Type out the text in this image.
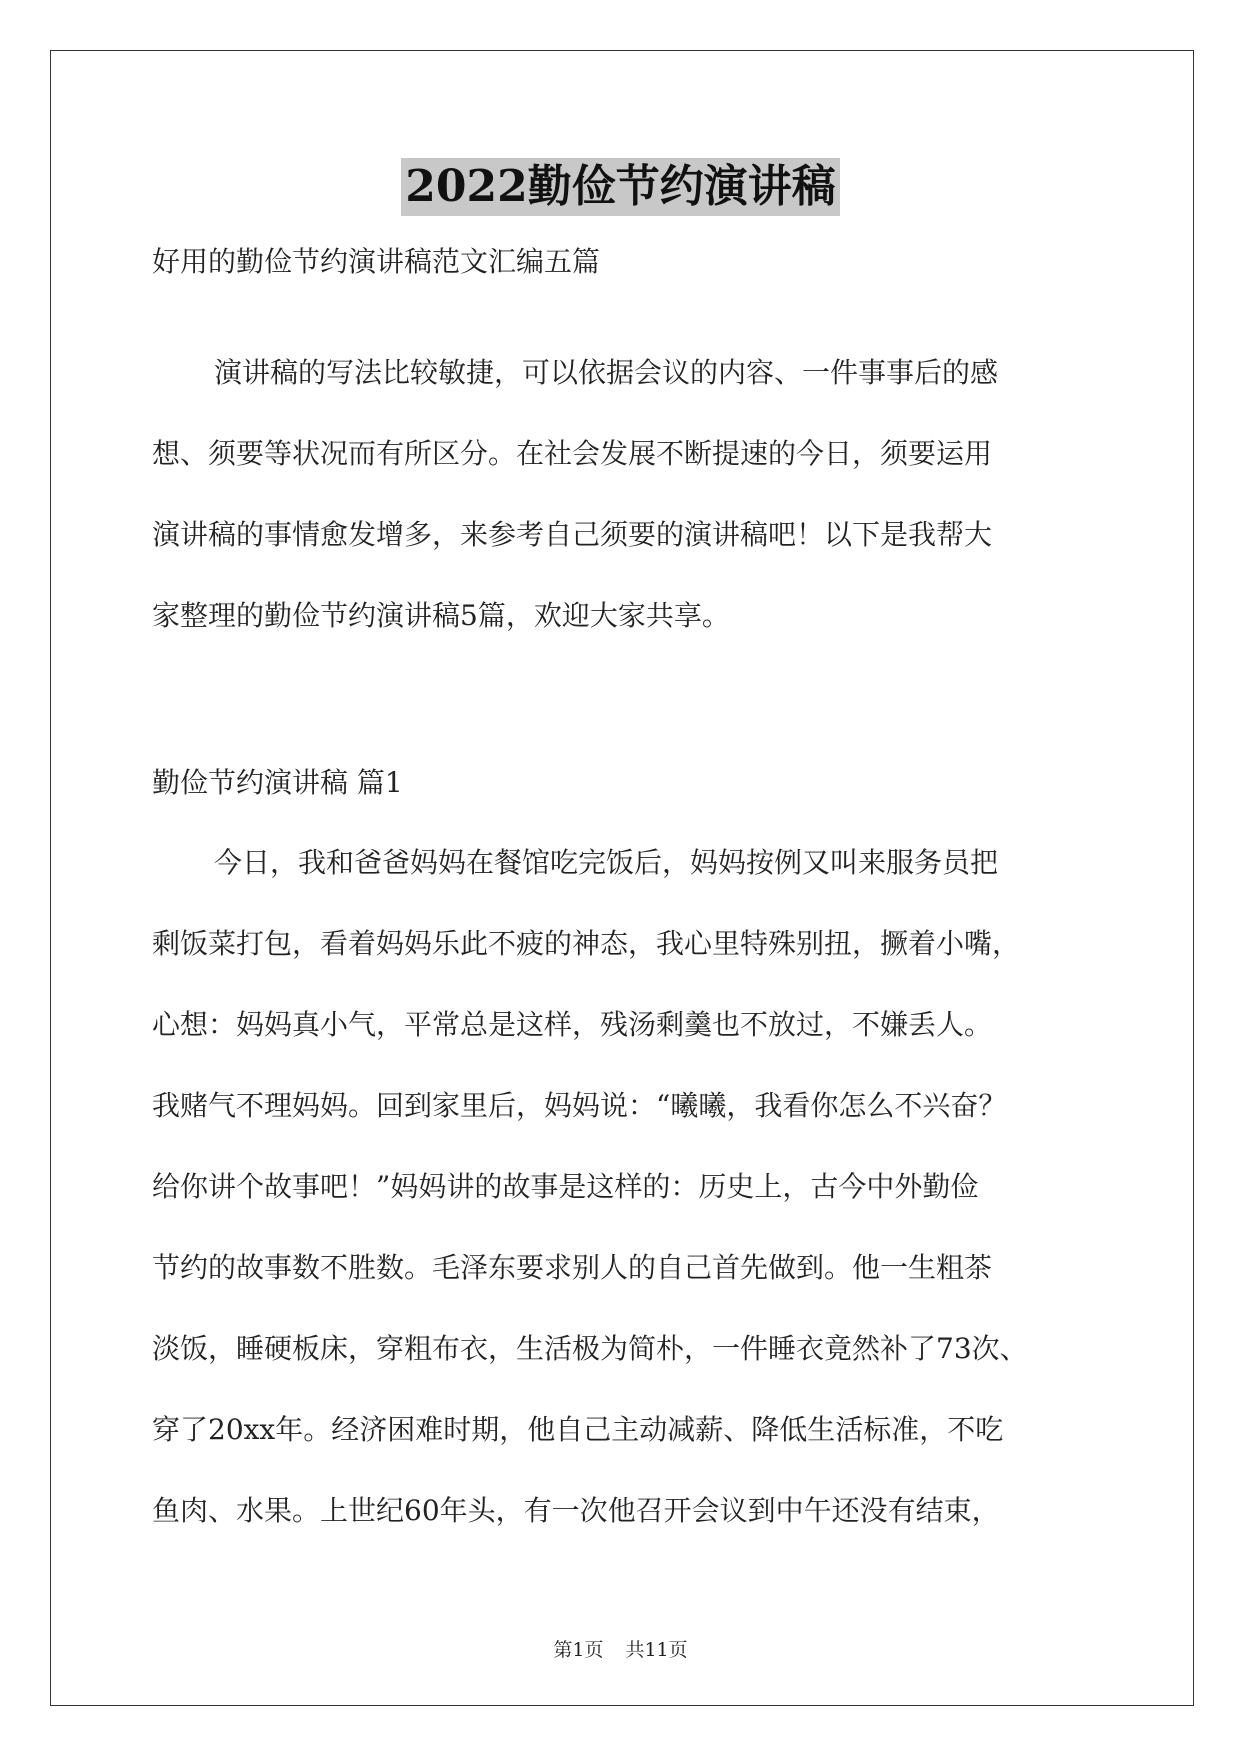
2022勤俭节约演讲稿
好用的勤俭节约演讲稿范文汇编五篇
演讲稿的写法比较敏捷，可以依据会议的内容、一件事事后的感
想、须要等状况而有所区分。在社会发展不断提速的今日，须要运用
演讲稿的事情愈发增多，来参考自己须要的演讲稿吧！以下是我帮大
家整理的勤俭节约演讲稿5篇，欢迎大家共享。
勤俭节约演讲稿 篇1
今日，我和爸爸妈妈在餐馆吃完饭后，妈妈按例又叫来服务员把
剩饭菜打包，看着妈妈乐此不疲的神态，我心里特殊别扭，撅着小嘴，
心想：妈妈真小气，平常总是这样，残汤剩羹也不放过，不嫌丢人。
我赌气不理妈妈。回到家里后，妈妈说：“曦曦，我看你怎么不兴奋？
给你讲个故事吧！”妈妈讲的故事是这样的：历史上，古今中外勤俭
节约的故事数不胜数。毛泽东要求别人的自己首先做到。他一生粗茶
淡饭，睡硬板床，穿粗布衣，生活极为简朴，一件睡衣竟然补了73次、
穿了20xx年。经济困难时期，他自己主动减薪、降低生活标准，不吃
鱼肉、水果。上世纪60年头，有一次他召开会议到中午还没有结束，
第1页 共11页
